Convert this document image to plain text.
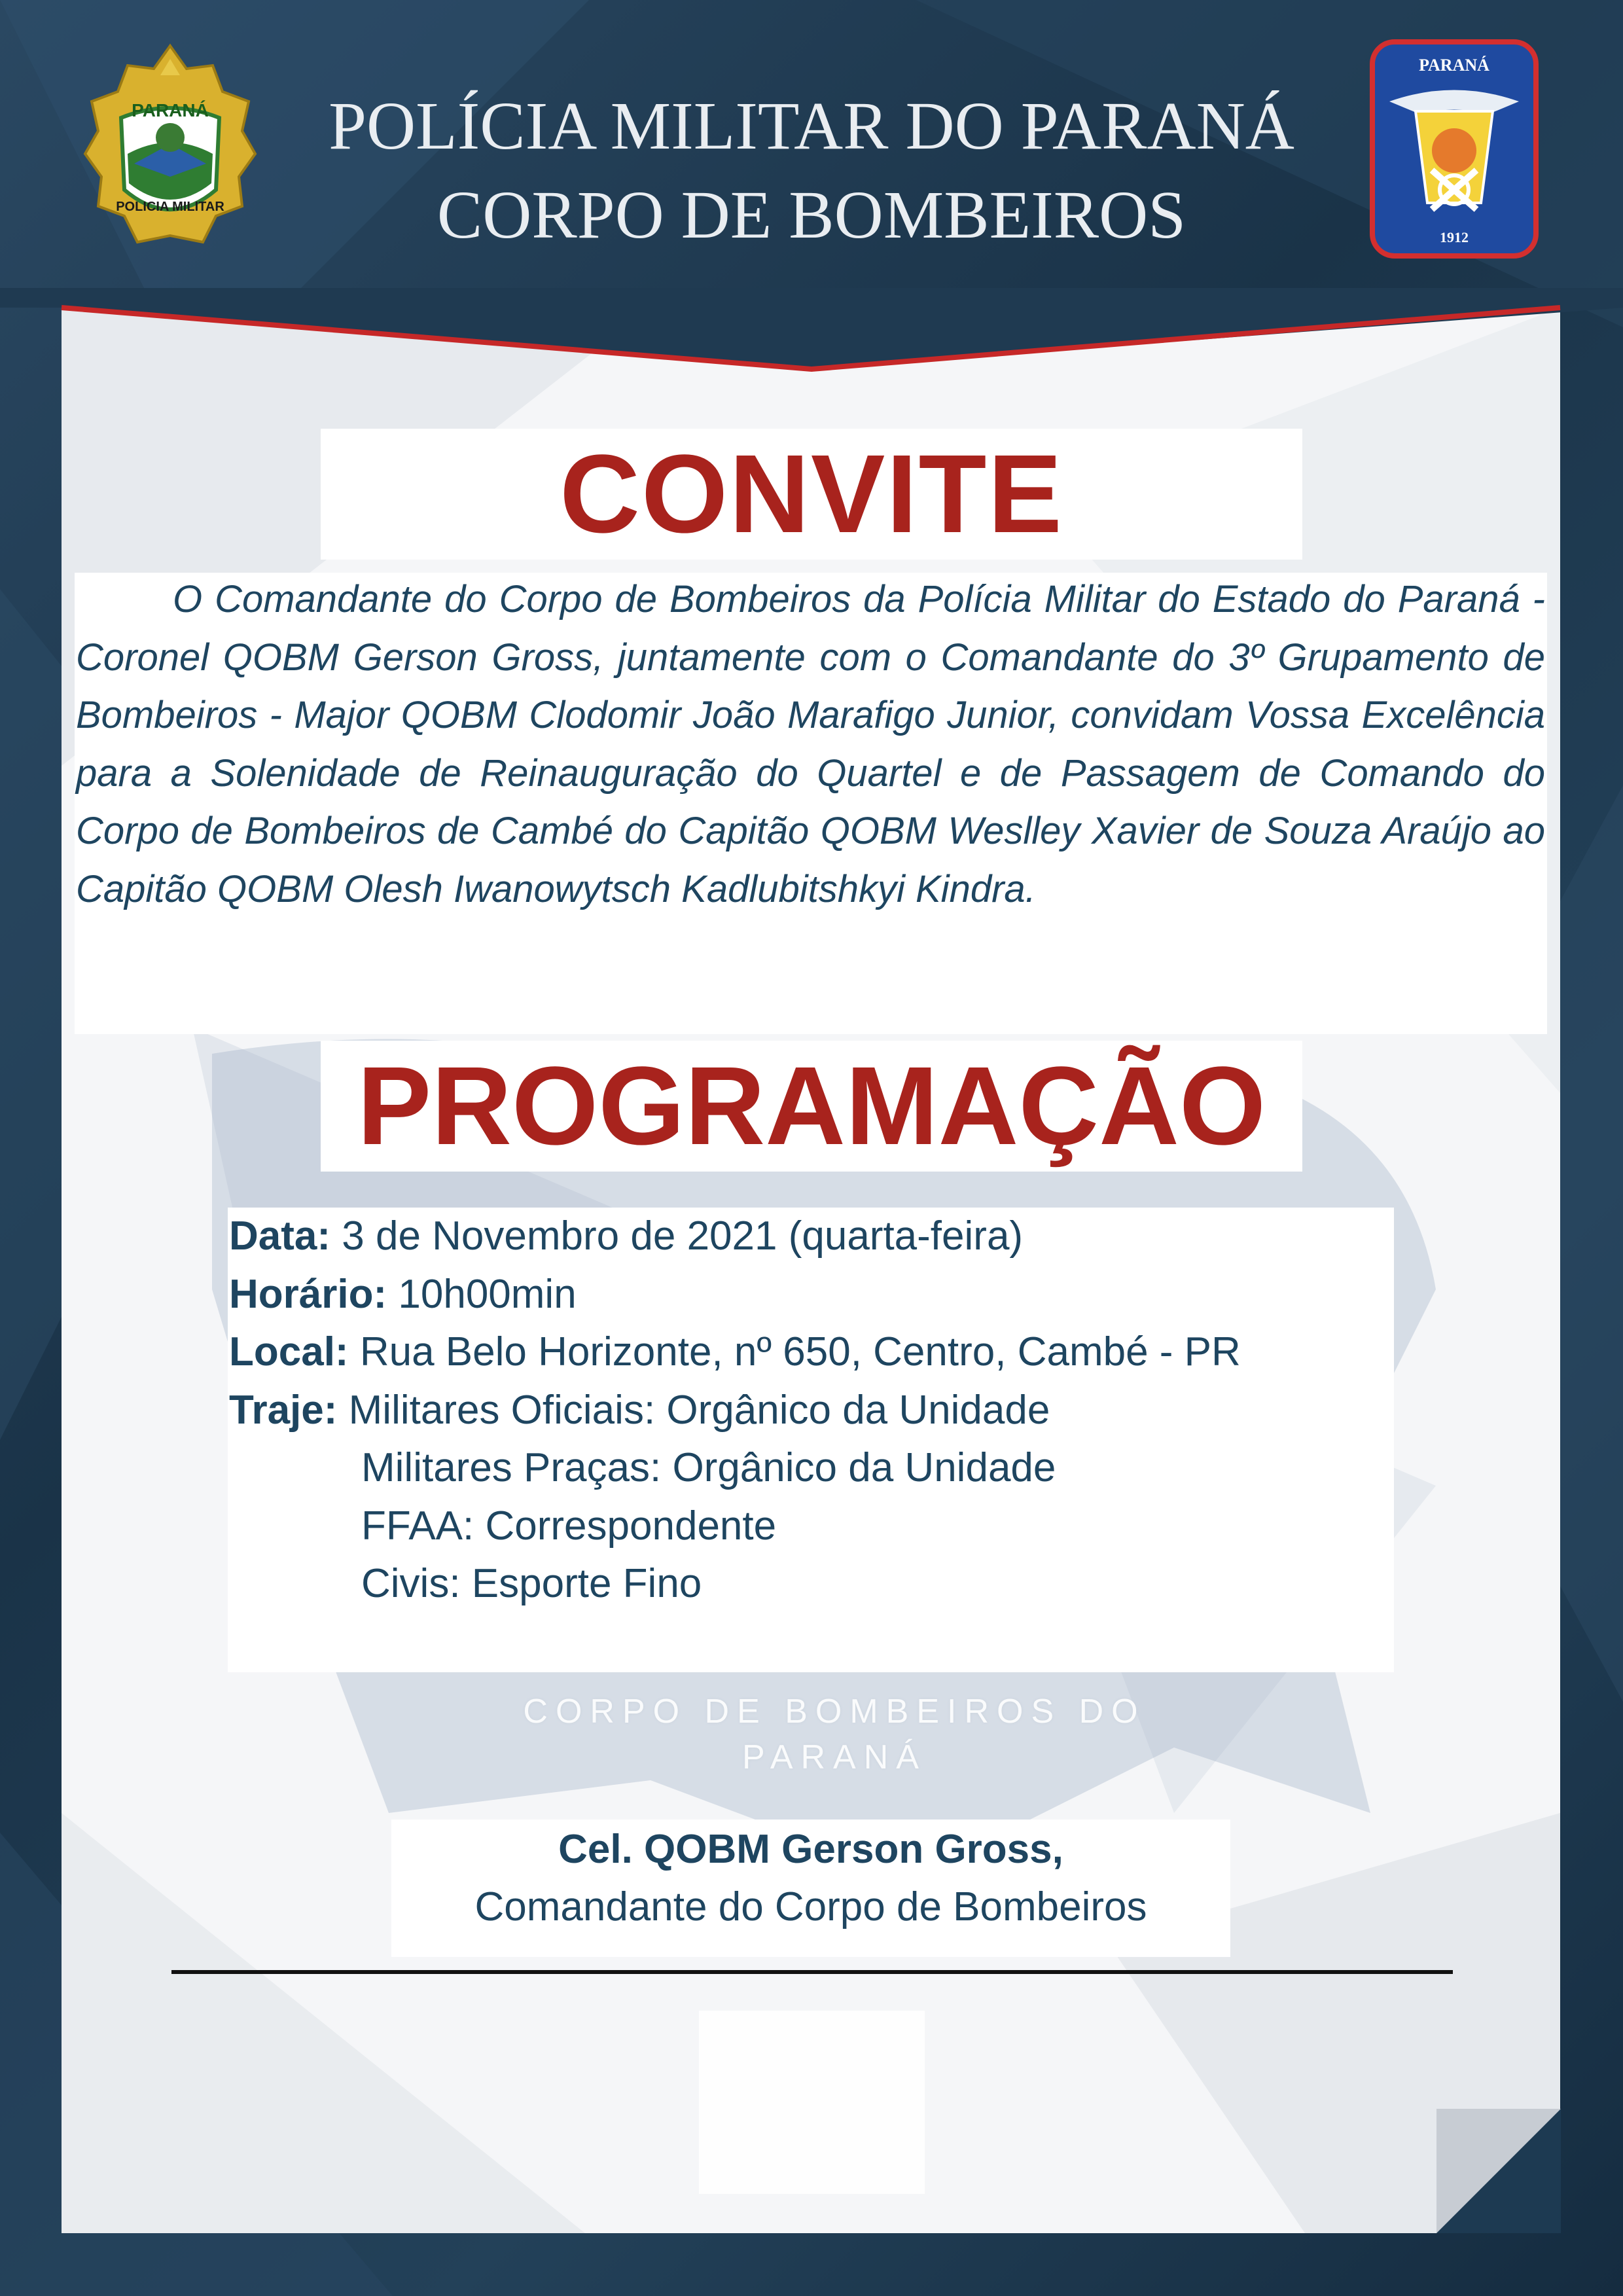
PARANÁ
POLICIA MILITAR
PARANÁ
1912
POLÍCIA MILITAR DO PARANÁ
CORPO DE BOMBEIROS
CONVITE
O Comandante do Corpo de Bombeiros da Polícia Militar do Estado do Paraná - Coronel QOBM Gerson Gross, juntamente com o Comandante do 3º Grupamento de Bombeiros - Major QOBM Clodomir João Marafigo Junior, convidam Vossa Excelência para a Solenidade de Reinauguração do Quartel e de Passagem de Comando do Corpo de Bombeiros de Cambé do Capitão QOBM Weslley Xavier de Souza Araújo ao Capitão QOBM Olesh Iwanowytsch Kadlubitshkyi Kindra.
PROGRAMAÇÃO
Data: 3 de Novembro de 2021 (quarta-feira)
Horário: 10h00min
Local: Rua Belo Horizonte, nº 650, Centro, Cambé - PR
Traje: Militares Oficiais: Orgânico da Unidade
Militares Praças: Orgânico da Unidade
FFAA: Correspondente
Civis: Esporte Fino
CORPO DE BOMBEIROS DO PARANÁ
Cel. QOBM Gerson Gross,
Comandante do Corpo de Bombeiros
